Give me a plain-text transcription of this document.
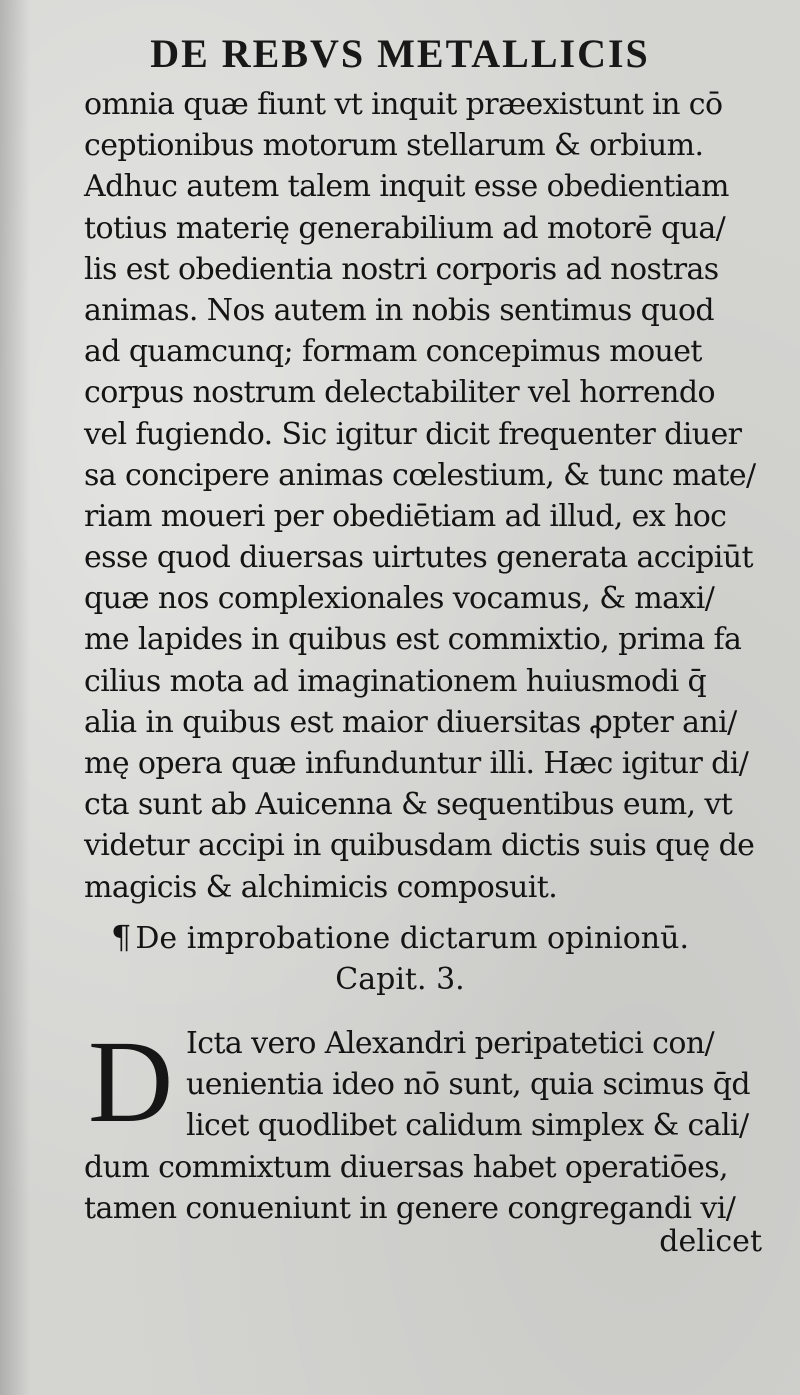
DE REBVS METALLICIS
omnia quæ fiunt vt inquit præexistunt in cō
ceptionibus motorum stellarum & orbium.
Adhuc autem talem inquit esse obedientiam
totius materię generabilium ad motorē qua/
lis est obedientia nostri corporis ad nostras
animas. Nos autem in nobis sentimus quod
ad quamcunq; formam concepimus mouet
corpus nostrum delectabiliter vel horrendo
vel fugiendo. Sic igitur dicit frequenter diuer
sa concipere animas cœlestium, & tunc mate/
riam moueri per obediētiam ad illud, ex hoc
esse quod diuersas uirtutes generata accipiūt
quæ nos complexionales vocamus, & maxi/
me lapides in quibus est commixtio, prima fa
cilius mota ad imaginationem huiusmodi q̄
alia in quibus est maior diuersitas ꝓpter ani/
mę opera quæ infunduntur illi. Hæc igitur di/
cta sunt ab Auicenna & sequentibus eum, vt
videtur accipi in quibusdam dictis suis quę de
magicis & alchimicis composuit.
¶ De improbatione dictarum opinionū.
Capit. 3.
D Icta vero Alexandri peripatetici con/
uenientia ideo nō sunt, quia scimus q̄d
licet quodlibet calidum simplex & cali/
dum commixtum diuersas habet operatiōes,
tamen conueniunt in genere congregandi vi/
delicet
